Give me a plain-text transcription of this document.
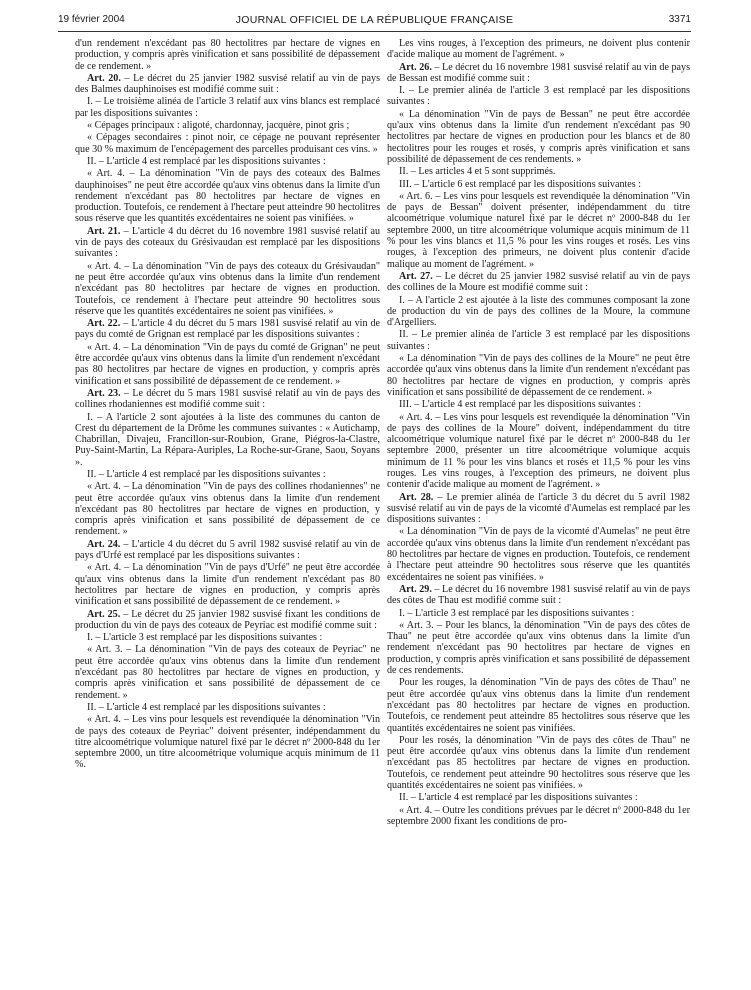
19 février 2004	JOURNAL OFFICIEL DE LA RÉPUBLIQUE FRANÇAISE	3371

d'un rendement n'excédant pas 80 hectolitres par hectare de vignes en production, y compris après vinification et sans possibilité de dépassement de ce rendement. »

Art. 20. – Le décret du 25 janvier 1982 susvisé relatif au vin de pays des Balmes dauphinoises est modifié comme suit :

I. – Le troisième alinéa de l'article 3 relatif aux vins blancs est remplacé par les dispositions suivantes :

« Cépages principaux : aligoté, chardonnay, jacquère, pinot gris ;

« Cépages secondaires : pinot noir, ce cépage ne pouvant représenter que 30 % maximum de l'encépagement des parcelles produisant ces vins. »

II. – L'article 4 est remplacé par les dispositions suivantes :

« Art. 4. – La dénomination "Vin de pays des coteaux des Balmes dauphinoises" ne peut être accordée qu'aux vins obtenus dans la limite d'un rendement n'excédant pas 80 hectolitres par hectare de vignes en production. Toutefois, ce rendement à l'hectare peut atteindre 90 hectolitres sous réserve que les quantités excédentaires ne soient pas vinifiées. »

Art. 21. – L'article 4 du décret du 16 novembre 1981 susvisé relatif au vin de pays des coteaux du Grésivaudan est remplacé par les dispositions suivantes :

« Art. 4. – La dénomination "Vin de pays des coteaux du Grésivaudan" ne peut être accordée qu'aux vins obtenus dans la limite d'un rendement n'excédant pas 80 hectolitres par hectare de vignes en production. Toutefois, ce rendement à l'hectare peut atteindre 90 hectolitres sous réserve que les quantités excédentaires ne soient pas vinifiées. »

Art. 22. – L'article 4 du décret du 5 mars 1981 susvisé relatif au vin de pays du comté de Grignan est remplacé par les dispositions suivantes :

« Art. 4. – La dénomination "Vin de pays du comté de Grignan" ne peut être accordée qu'aux vins obtenus dans la limite d'un rendement n'excédant pas 80 hectolitres par hectare de vignes en production, y compris après vinification et sans possibilité de dépassement de ce rendement. »

Art. 23. – Le décret du 5 mars 1981 susvisé relatif au vin de pays des collines rhodaniennes est modifié comme suit :

I. – A l'article 2 sont ajoutées à la liste des communes du canton de Crest du département de la Drôme les communes suivantes : « Autichamp, Chabrillan, Divajeu, Francillon-sur-Roubion, Grane, Piégros-la-Clastre, Puy-Saint-Martin, La Répara-Auriples, La Roche-sur-Grane, Saou, Soyans ».

II. – L'article 4 est remplacé par les dispositions suivantes :

« Art. 4. – La dénomination "Vin de pays des collines rhodaniennes" ne peut être accordée qu'aux vins obtenus dans la limite d'un rendement n'excédant pas 80 hectolitres par hectare de vignes en production, y compris après vinification et sans possibilité de dépassement de ce rendement. »

Art. 24. – L'article 4 du décret du 5 avril 1982 susvisé relatif au vin de pays d'Urfé est remplacé par les dispositions suivantes :

« Art. 4. – La dénomination "Vin de pays d'Urfé" ne peut être accordée qu'aux vins obtenus dans la limite d'un rendement n'excédant pas 80 hectolitres par hectare de vignes en production, y compris après vinification et sans possibilité de dépassement de ce rendement. »

Art. 25. – Le décret du 25 janvier 1982 susvisé fixant les conditions de production du vin de pays des coteaux de Peyriac est modifié comme suit :

I. – L'article 3 est remplacé par les dispositions suivantes :

« Art. 3. – La dénomination "Vin de pays des coteaux de Peyriac" ne peut être accordée qu'aux vins obtenus dans la limite d'un rendement n'excédant pas 80 hectolitres par hectare de vignes en production, y compris après vinification et sans possibilité de dépassement de ce rendement. »

II. – L'article 4 est remplacé par les dispositions suivantes :

« Art. 4. – Les vins pour lesquels est revendiquée la dénomination "Vin de pays des coteaux de Peyriac" doivent présenter, indépendamment du titre alcoométrique volumique naturel fixé par le décret nº 2000-848 du 1er septembre 2000, un titre alcoométrique volumique acquis minimum de 11 %.

Les vins rouges, à l'exception des primeurs, ne doivent plus contenir d'acide malique au moment de l'agrément. »

Art. 26. – Le décret du 16 novembre 1981 susvisé relatif au vin de pays de Bessan est modifié comme suit :

I. – Le premier alinéa de l'article 3 est remplacé par les dispositions suivantes :

« La dénomination "Vin de pays de Bessan" ne peut être accordée qu'aux vins obtenus dans la limite d'un rendement n'excédant pas 90 hectolitres par hectare de vignes en production pour les blancs et de 80 hectolitres pour les rouges et rosés, y compris après vinification et sans possibilité de dépassement de ces rendements. »

II. – Les articles 4 et 5 sont supprimés.

III. – L'article 6 est remplacé par les dispositions suivantes :

« Art. 6. – Les vins pour lesquels est revendiquée la dénomination "Vin de pays de Bessan" doivent présenter, indépendamment du titre alcoométrique volumique naturel fixé par le décret nº 2000-848 du 1er septembre 2000, un titre alcoométrique volumique acquis minimum de 11 % pour les vins blancs et 11,5 % pour les vins rouges et rosés. Les vins rouges, à l'exception des primeurs, ne doivent plus contenir d'acide malique au moment de l'agrément. »

Art. 27. – Le décret du 25 janvier 1982 susvisé relatif au vin de pays des collines de la Moure est modifié comme suit :

I. – A l'article 2 est ajoutée à la liste des communes composant la zone de production du vin de pays des collines de la Moure, la commune d'Argelliers.

II. – Le premier alinéa de l'article 3 est remplacé par les dispositions suivantes :

« La dénomination "Vin de pays des collines de la Moure" ne peut être accordée qu'aux vins obtenus dans la limite d'un rendement n'excédant pas 80 hectolitres par hectare de vignes en production, y compris après vinification et sans possibilité de dépassement de ce rendement. »

III. – L'article 4 est remplacé par les dispositions suivantes :

« Art. 4. – Les vins pour lesquels est revendiquée la dénomination "Vin de pays des collines de la Moure" doivent, indépendamment du titre alcoométrique volumique naturel fixé par le décret nº 2000-848 du 1er septembre 2000, présenter un titre alcoométrique volumique acquis minimum de 11 % pour les vins blancs et rosés et 11,5 % pour les vins rouges. Les vins rouges, à l'exception des primeurs, ne doivent plus contenir d'acide malique au moment de l'agrément. »

Art. 28. – Le premier alinéa de l'article 3 du décret du 5 avril 1982 susvisé relatif au vin de pays de la vicomté d'Aumelas est remplacé par les dispositions suivantes :

« La dénomination "Vin de pays de la vicomté d'Aumelas" ne peut être accordée qu'aux vins obtenus dans la limite d'un rendement n'excédant pas 80 hectolitres par hectare de vignes en production. Toutefois, ce rendement à l'hectare peut atteindre 90 hectolitres sous réserve que les quantités excédentaires ne soient pas vinifiées. »

Art. 29. – Le décret du 16 novembre 1981 susvisé relatif au vin de pays des côtes de Thau est modifié comme suit :

I. – L'article 3 est remplacé par les dispositions suivantes :

« Art. 3. – Pour les blancs, la dénomination "Vin de pays des côtes de Thau" ne peut être accordée qu'aux vins obtenus dans la limite d'un rendement n'excédant pas 90 hectolitres par hectare de vignes en production, y compris après vinification et sans possibilité de dépassement de ces rendements.

Pour les rouges, la dénomination "Vin de pays des côtes de Thau" ne peut être accordée qu'aux vins obtenus dans la limite d'un rendement n'excédant pas 80 hectolitres par hectare de vignes en production. Toutefois, ce rendement peut atteindre 85 hectolitres sous réserve que les quantités excédentaires ne soient pas vinifiées.

Pour les rosés, la dénomination "Vin de pays des côtes de Thau" ne peut être accordée qu'aux vins obtenus dans la limite d'un rendement n'excédant pas 85 hectolitres par hectare de vignes en production. Toutefois, ce rendement peut atteindre 90 hectolitres sous réserve que les quantités excédentaires ne soient pas vinifiées. »

II. – L'article 4 est remplacé par les dispositions suivantes :

« Art. 4. – Outre les conditions prévues par le décret nº 2000-848 du 1er septembre 2000 fixant les conditions de pro-
